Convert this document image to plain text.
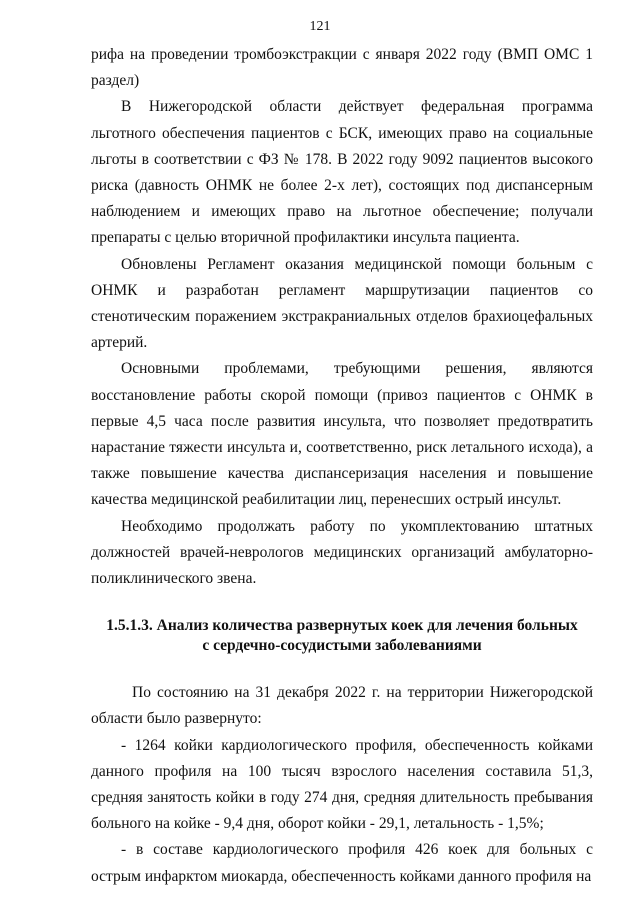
121

рифа на проведении тромбоэкстракции с января 2022 году (ВМП ОМС 1 раздел)

В Нижегородской области действует федеральная программа льготного обеспечения пациентов с БСК, имеющих право на социальные льготы в соответствии с ФЗ № 178. В 2022 году 9092 пациентов высокого риска (давность ОНМК не более 2-х лет), состоящих под диспансерным наблюдением и имеющих право на льготное обеспечение; получали препараты с целью вторичной профилактики инсульта пациента.

Обновлены Регламент оказания медицинской помощи больным с ОНМК и разработан регламент маршрутизации пациентов со стенотическим поражением экстракраниальных отделов брахиоцефальных артерий.

Основными проблемами, требующими решения, являются восстановление работы скорой помощи (привоз пациентов с ОНМК в первые 4,5 часа после развития инсульта, что позволяет предотвратить нарастание тяжести инсульта и, соответственно, риск летального исхода), а также повышение качества диспансеризация населения и повышение качества медицинской реабилитации лиц, перенесших острый инсульт.

Необходимо продолжать работу по укомплектованию штатных должностей врачей-неврологов медицинских организаций амбулаторно-поликлинического звена.

1.5.1.3. Анализ количества развернутых коек для лечения больных
с сердечно-сосудистыми заболеваниями

По состоянию на 31 декабря 2022 г. на территории Нижегородской области было развернуто:

- 1264 койки кардиологического профиля, обеспеченность койками данного профиля на 100 тысяч взрослого населения составила 51,3, средняя занятость койки в году 274 дня, средняя длительность пребывания больного на койке - 9,4 дня, оборот койки - 29,1, летальность - 1,5%;

- в составе кардиологического профиля 426 коек для больных с острым инфарктом миокарда, обеспеченность койками данного профиля на
